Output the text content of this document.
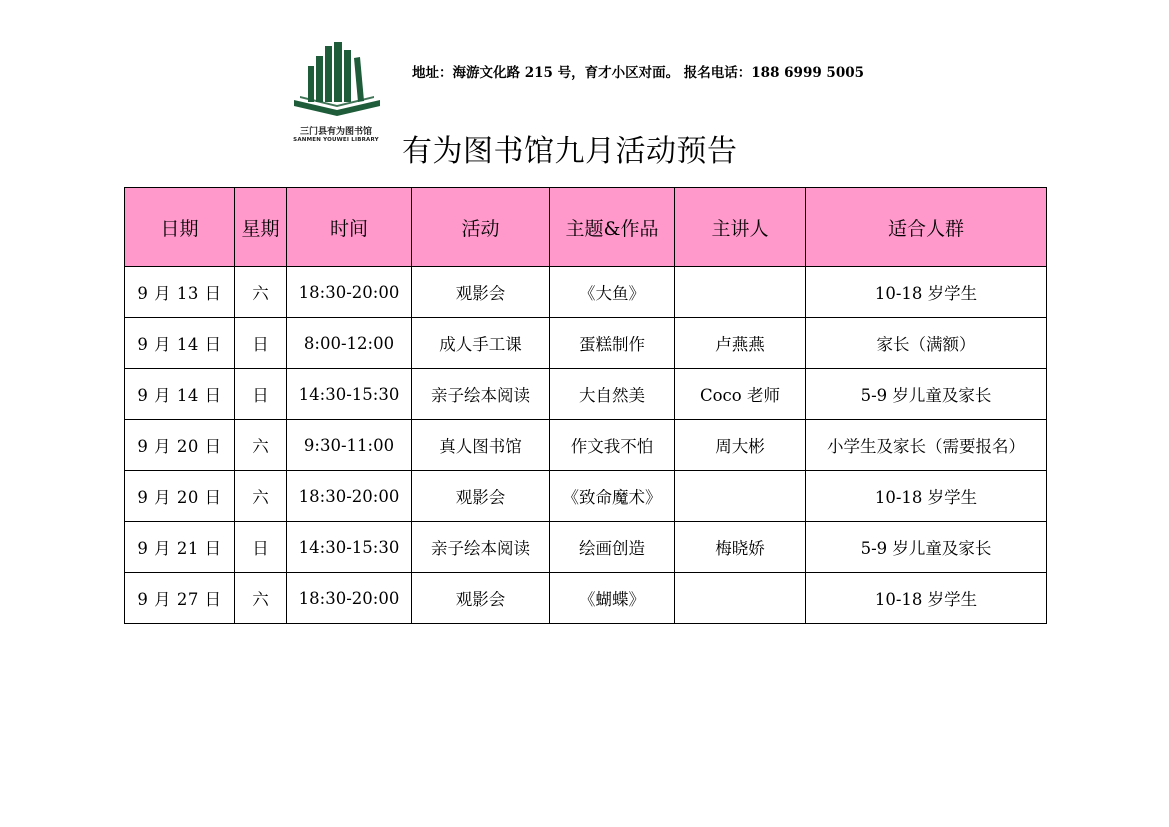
三门县有为图书馆
SANMEN YOUWEI LIBRARY
地址：海游文化路 215 号，育才小区对面。 报名电话：188 6999 5005
有为图书馆九月活动预告
日期	星期	时间	活动	主题&作品	主讲人	适合人群
9 月 13 日	六	18:30-20:00	观影会	《大鱼》		10-18 岁学生
9 月 14 日	日	8:00-12:00	成人手工课	蛋糕制作	卢燕燕	家长（满额）
9 月 14 日	日	14:30-15:30	亲子绘本阅读	大自然美	Coco 老师	5-9 岁儿童及家长
9 月 20 日	六	9:30-11:00	真人图书馆	作文我不怕	周大彬	小学生及家长（需要报名）
9 月 20 日	六	18:30-20:00	观影会	《致命魔术》		10-18 岁学生
9 月 21 日	日	14:30-15:30	亲子绘本阅读	绘画创造	梅晓娇	5-9 岁儿童及家长
9 月 27 日	六	18:30-20:00	观影会	《蝴蝶》		10-18 岁学生
